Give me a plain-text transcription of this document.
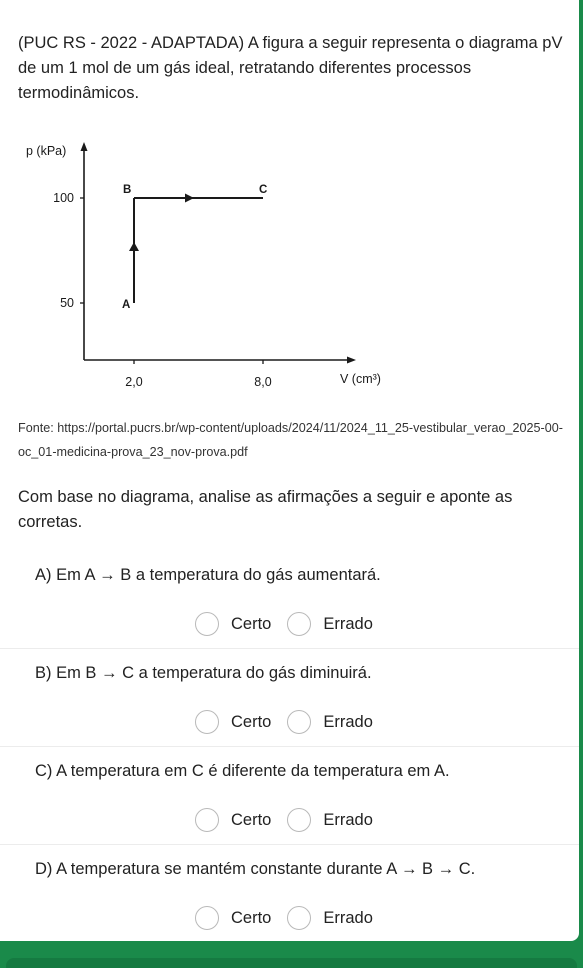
(PUC RS - 2022 - ADAPTADA) A figura a seguir representa o diagrama pV de um 1 mol de um gás ideal, retratando diferentes processos termodinâmicos.
p (kPa)
V (cm³)
100
50
2,0	8,0
A
B	C
Fonte: https://portal.pucrs.br/wp-content/uploads/2024/11/2024_11_25-vestibular_verao_2025-00-oc_01-medicina-prova_23_nov-prova.pdf
Com base no diagrama, analise as afirmações a seguir e aponte as corretas.
A) Em A → B a temperatura do gás aumentará.
Certo	Errado
B) Em B → C a temperatura do gás diminuirá.
Certo	Errado
C) A temperatura em C é diferente da temperatura em A.
Certo	Errado
D) A temperatura se mantém constante durante A → B → C.
Certo	Errado
